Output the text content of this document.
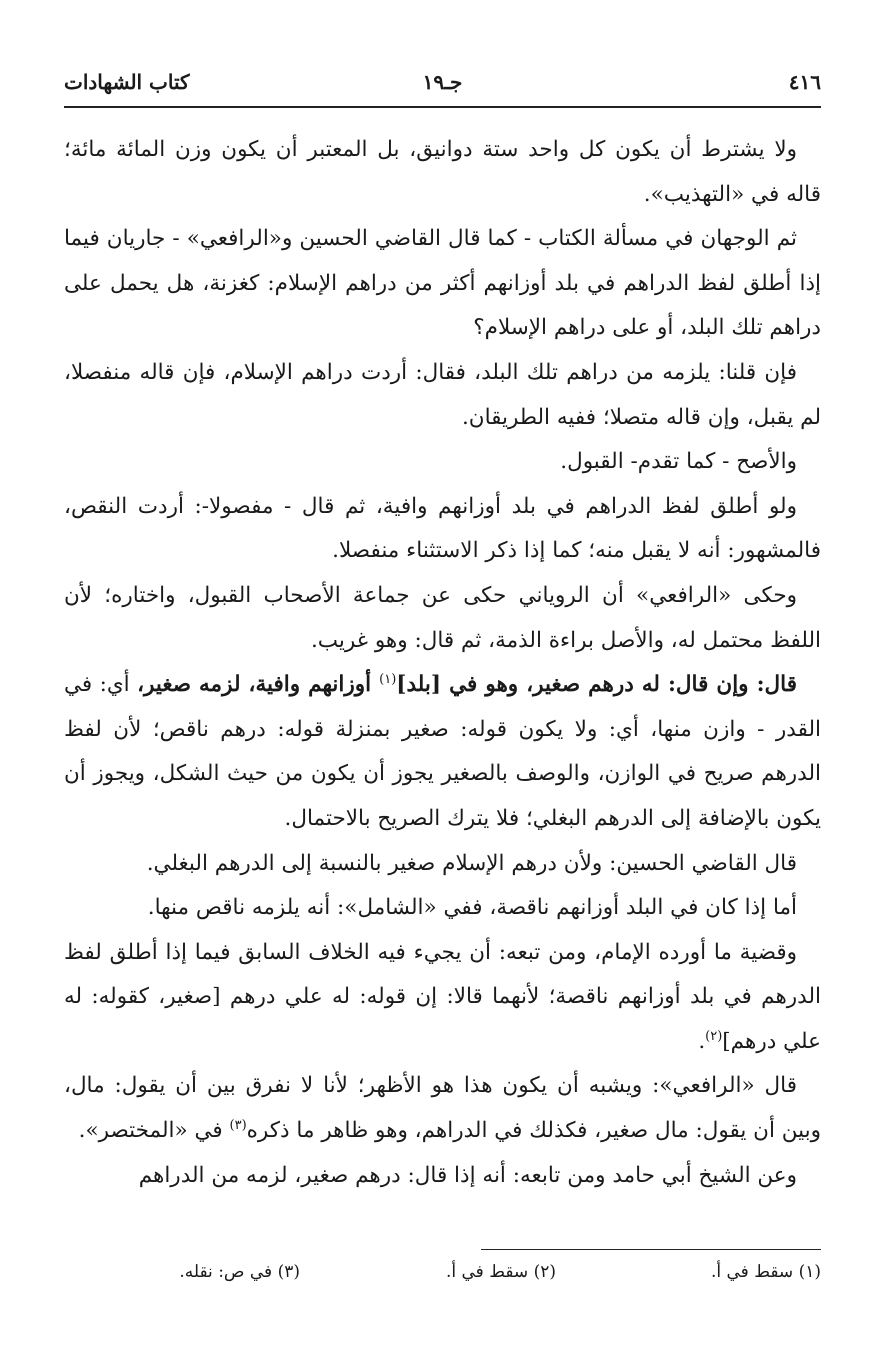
٤١٦
جـ١٩
كتاب الشهادات

ولا يشترط أن يكون كل واحد ستة دوانيق، بل المعتبر أن يكون وزن المائة مائة؛ قاله في «التهذيب».

ثم الوجهان في مسألة الكتاب - كما قال القاضي الحسين و«الرافعي» - جاريان فيما إذا أطلق لفظ الدراهم في بلد أوزانهم أكثر من دراهم الإسلام: كغزنة، هل يحمل على دراهم تلك البلد، أو على دراهم الإسلام؟

فإن قلنا: يلزمه من دراهم تلك البلد، فقال: أردت دراهم الإسلام، فإن قاله منفصلا، لم يقبل، وإن قاله متصلا؛ ففيه الطريقان.

والأصح - كما تقدم- القبول.

ولو أطلق لفظ الدراهم في بلد أوزانهم وافية، ثم قال - مفصولا-: أردت النقص، فالمشهور: أنه لا يقبل منه؛ كما إذا ذكر الاستثناء منفصلا.

وحكى «الرافعي» أن الروياني حكى عن جماعة الأصحاب القبول، واختاره؛ لأن اللفظ محتمل له، والأصل براءة الذمة، ثم قال: وهو غريب.

قال: وإن قال: له درهم صغير، وهو في [بلد]$^{(١)}$ أوزانهم وافية، لزمه صغير، أي: في القدر - وازن منها، أي: ولا يكون قوله: صغير بمنزلة قوله: درهم ناقص؛ لأن لفظ الدرهم صريح في الوازن، والوصف بالصغير يجوز أن يكون من حيث الشكل، ويجوز أن يكون بالإضافة إلى الدرهم البغلي؛ فلا يترك الصريح بالاحتمال.

قال القاضي الحسين: ولأن درهم الإسلام صغير بالنسبة إلى الدرهم البغلي.

أما إذا كان في البلد أوزانهم ناقصة، ففي «الشامل»: أنه يلزمه ناقص منها.

وقضية ما أورده الإمام، ومن تبعه: أن يجيء فيه الخلاف السابق فيما إذا أطلق لفظ الدرهم في بلد أوزانهم ناقصة؛ لأنهما قالا: إن قوله: له علي درهم [صغير، كقوله: له علي درهم]$^{(٢)}$.

قال «الرافعي»: ويشبه أن يكون هذا هو الأظهر؛ لأنا لا نفرق بين أن يقول: مال، وبين أن يقول: مال صغير، فكذلك في الدراهم، وهو ظاهر ما ذكره$^{(٣)}$ في «المختصر».

وعن الشيخ أبي حامد ومن تابعه: أنه إذا قال: درهم صغير، لزمه من الدراهم

(١) سقط في أ.
(٢) سقط في أ.
(٣) في ص: نقله.
